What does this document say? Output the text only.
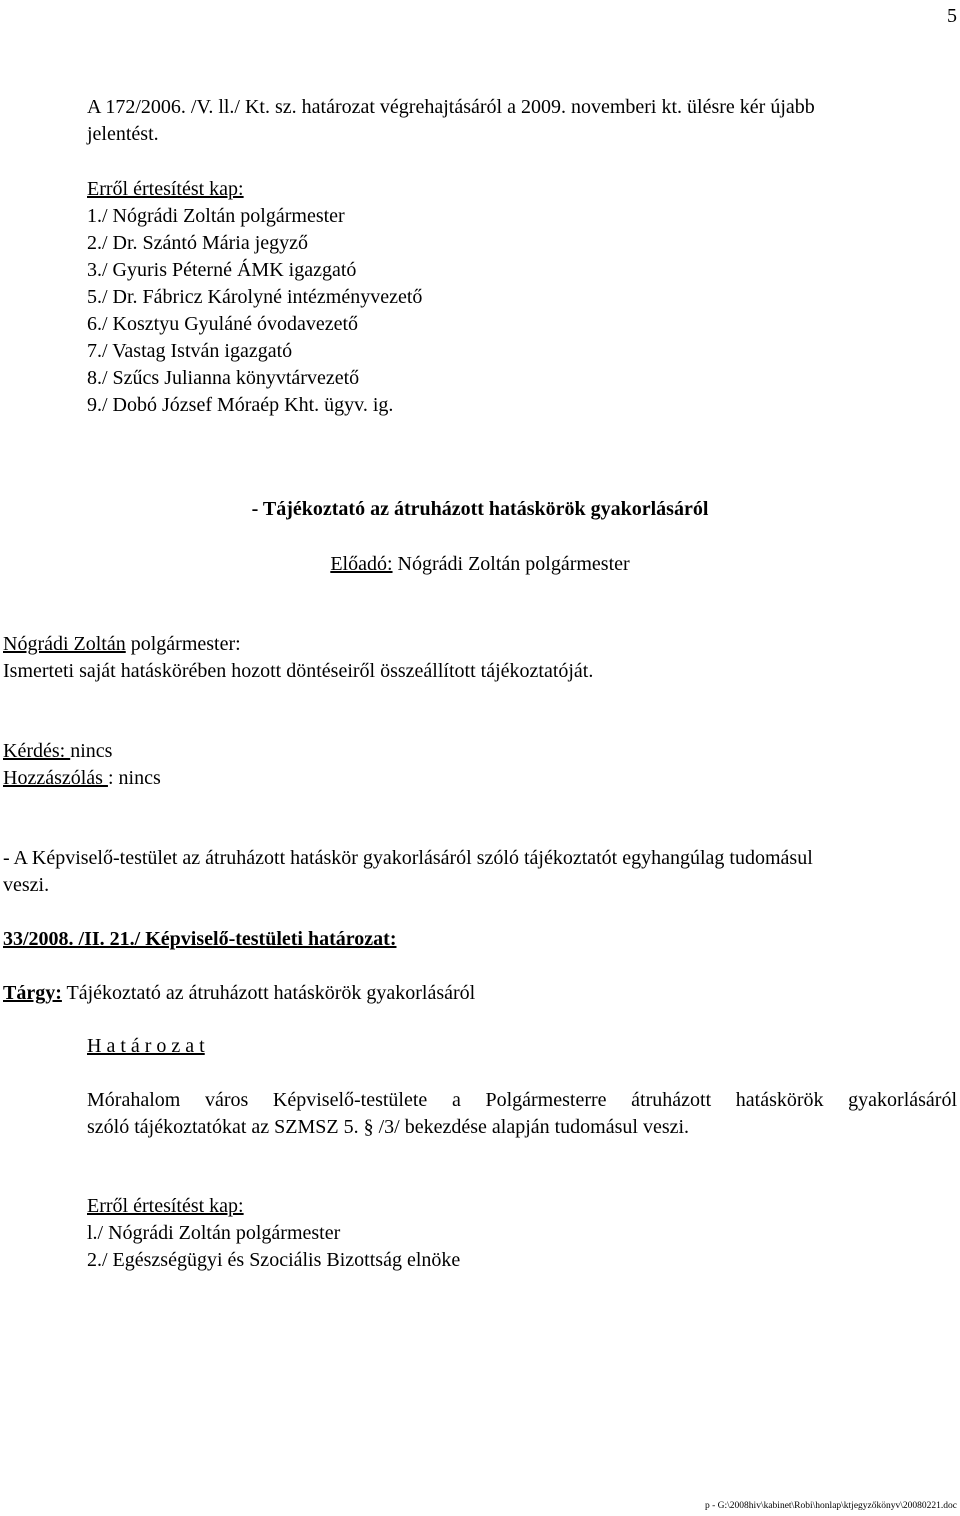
5
A 172/2006. /V. ll./ Kt. sz. határozat végrehajtásáról a 2009. novemberi kt. ülésre kér újabb
jelentést.
Erről értesítést kap:
1./ Nógrádi Zoltán polgármester
2./ Dr. Szántó Mária jegyző
3./ Gyuris Péterné ÁMK igazgató
5./ Dr. Fábricz Károlyné intézményvezető
6./ Kosztyu Gyuláné óvodavezető
7./ Vastag István igazgató
8./ Szűcs Julianna könyvtárvezető
9./ Dobó József Móraép Kht. ügyv. ig.
- Tájékoztató az átruházott hatáskörök gyakorlásáról
Előadó: Nógrádi Zoltán polgármester
Nógrádi Zoltán polgármester:
Ismerteti saját hatáskörében hozott döntéseiről összeállított tájékoztatóját.
Kérdés: nincs
Hozzászólás : nincs
- A Képviselő-testület az átruházott hatáskör gyakorlásáról szóló tájékoztatót egyhangúlag tudomásul
veszi.
33/2008. /II. 21./ Képviselő-testületi határozat:
Tárgy: Tájékoztató az átruházott hatáskörök gyakorlásáról
H a t á r o z a t
Mórahalom város Képviselő-testülete a Polgármesterre átruházott hatáskörök gyakorlásáról
szóló tájékoztatókat az SZMSZ 5. § /3/ bekezdése alapján tudomásul veszi.
Erről értesítést kap:
l./ Nógrádi Zoltán polgármester
2./ Egészségügyi és Szociális Bizottság elnöke
p - G:\2008hiv\kabinet\Robi\honlap\ktjegyzőkönyv\20080221.doc
